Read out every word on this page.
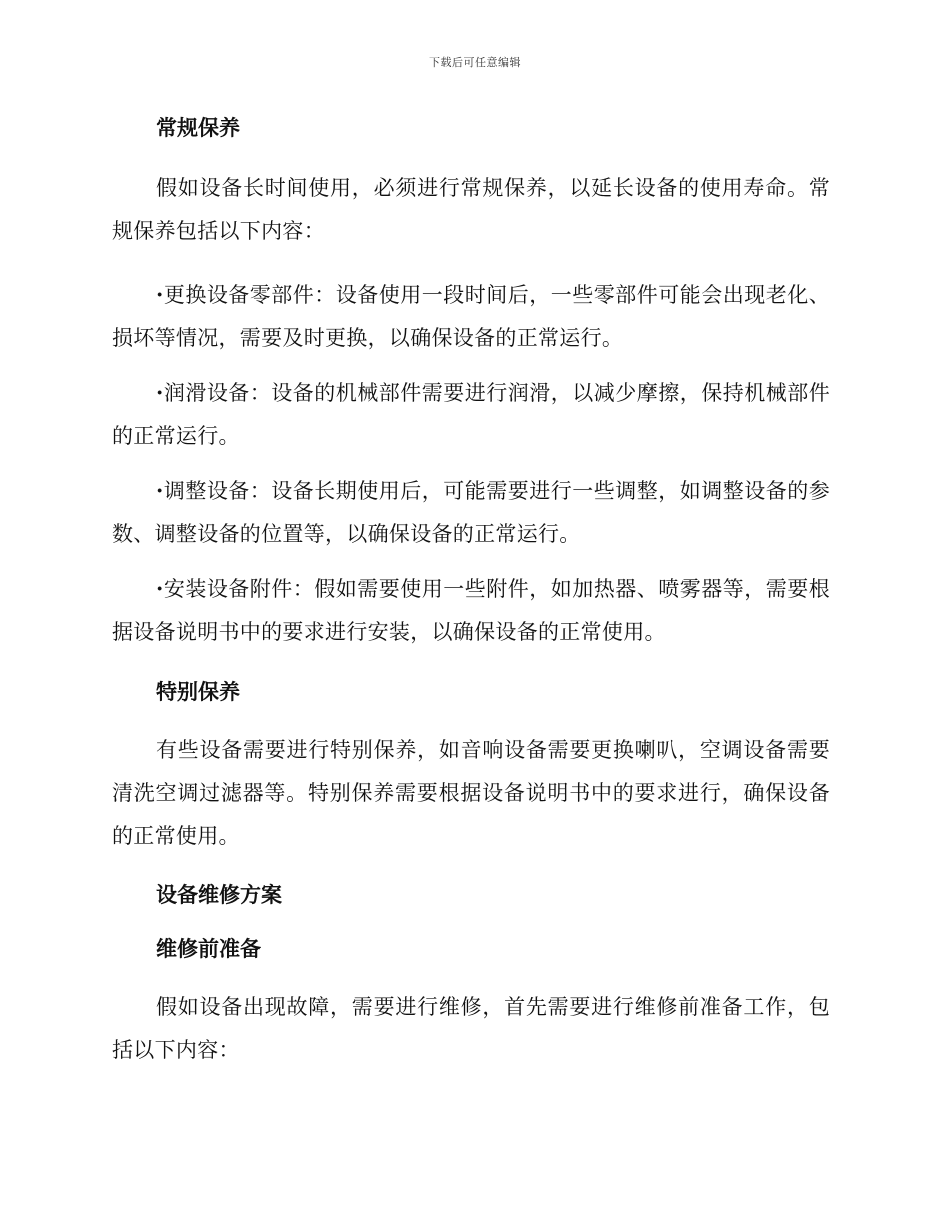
下载后可任意编辑
常规保养

假如设备长时间使用，必须进行常规保养，以延长设备的使用寿命。常规保养包括以下内容：

·更换设备零部件：设备使用一段时间后，一些零部件可能会出现老化、损坏等情况，需要及时更换，以确保设备的正常运行。

·润滑设备：设备的机械部件需要进行润滑，以减少摩擦，保持机械部件的正常运行。

·调整设备：设备长期使用后，可能需要进行一些调整，如调整设备的参数、调整设备的位置等，以确保设备的正常运行。

·安装设备附件：假如需要使用一些附件，如加热器、喷雾器等，需要根据设备说明书中的要求进行安装，以确保设备的正常使用。

特别保养

有些设备需要进行特别保养，如音响设备需要更换喇叭，空调设备需要清洗空调过滤器等。特别保养需要根据设备说明书中的要求进行，确保设备的正常使用。

设备维修方案
维修前准备

假如设备出现故障，需要进行维修，首先需要进行维修前准备工作，包括以下内容：
